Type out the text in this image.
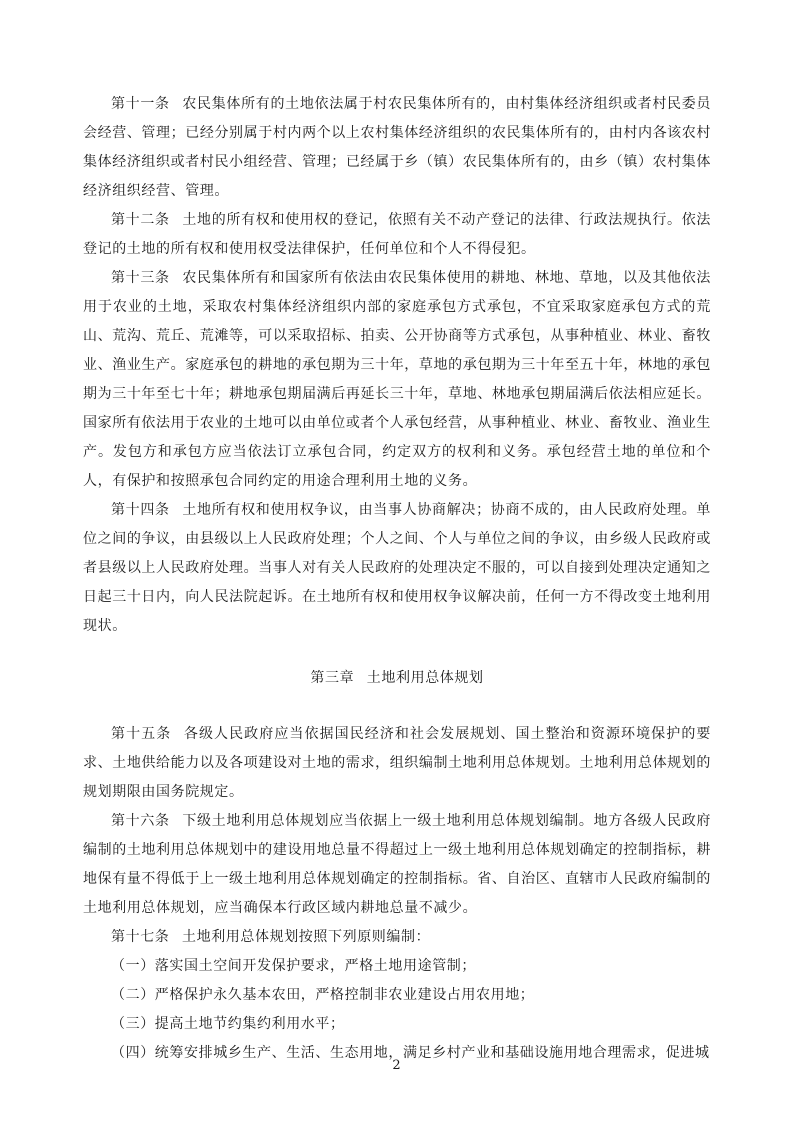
第十一条 农民集体所有的土地依法属于村农民集体所有的，由村集体经济组织或者村民委员会经营、管理；已经分别属于村内两个以上农村集体经济组织的农民集体所有的，由村内各该农村集体经济组织或者村民小组经营、管理；已经属于乡（镇）农民集体所有的，由乡（镇）农村集体经济组织经营、管理。

第十二条 土地的所有权和使用权的登记，依照有关不动产登记的法律、行政法规执行。依法登记的土地的所有权和使用权受法律保护，任何单位和个人不得侵犯。

第十三条 农民集体所有和国家所有依法由农民集体使用的耕地、林地、草地，以及其他依法用于农业的土地，采取农村集体经济组织内部的家庭承包方式承包，不宜采取家庭承包方式的荒山、荒沟、荒丘、荒滩等，可以采取招标、拍卖、公开协商等方式承包，从事种植业、林业、畜牧业、渔业生产。家庭承包的耕地的承包期为三十年，草地的承包期为三十年至五十年，林地的承包期为三十年至七十年；耕地承包期届满后再延长三十年，草地、林地承包期届满后依法相应延长。国家所有依法用于农业的土地可以由单位或者个人承包经营，从事种植业、林业、畜牧业、渔业生产。发包方和承包方应当依法订立承包合同，约定双方的权利和义务。承包经营土地的单位和个人，有保护和按照承包合同约定的用途合理利用土地的义务。

第十四条 土地所有权和使用权争议，由当事人协商解决；协商不成的，由人民政府处理。单位之间的争议，由县级以上人民政府处理；个人之间、个人与单位之间的争议，由乡级人民政府或者县级以上人民政府处理。当事人对有关人民政府的处理决定不服的，可以自接到处理决定通知之日起三十日内，向人民法院起诉。在土地所有权和使用权争议解决前，任何一方不得改变土地利用现状。

第三章 土地利用总体规划

第十五条 各级人民政府应当依据国民经济和社会发展规划、国土整治和资源环境保护的要求、土地供给能力以及各项建设对土地的需求，组织编制土地利用总体规划。土地利用总体规划的规划期限由国务院规定。

第十六条 下级土地利用总体规划应当依据上一级土地利用总体规划编制。地方各级人民政府编制的土地利用总体规划中的建设用地总量不得超过上一级土地利用总体规划确定的控制指标，耕地保有量不得低于上一级土地利用总体规划确定的控制指标。省、自治区、直辖市人民政府编制的土地利用总体规划，应当确保本行政区域内耕地总量不减少。

第十七条 土地利用总体规划按照下列原则编制：

（一）落实国土空间开发保护要求，严格土地用途管制；

（二）严格保护永久基本农田，严格控制非农业建设占用农用地；

（三）提高土地节约集约利用水平；

（四）统筹安排城乡生产、生活、生态用地，满足乡村产业和基础设施用地合理需求，促进城

2
